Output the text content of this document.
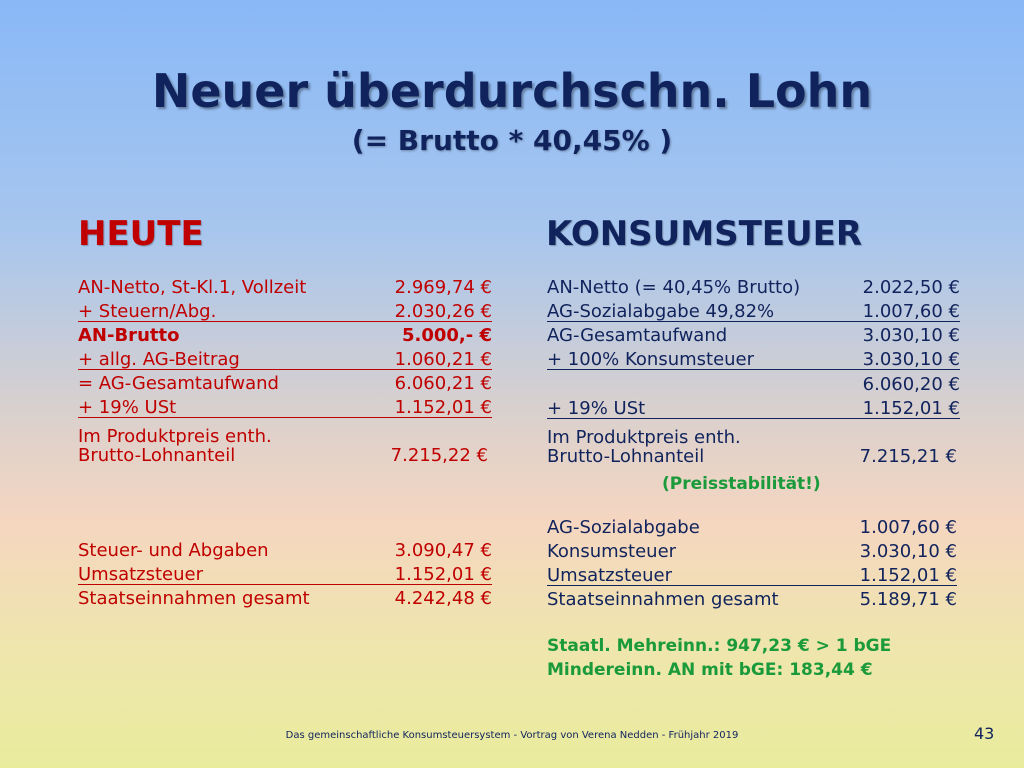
Neuer überdurchschn. Lohn
(= Brutto * 40,45% )
HEUTE
AN-Netto, St-Kl.1, Vollzeit	2.969,74 €
+ Steuern/Abg.	2.030,26 €
AN-Brutto	5.000,- €
+ allg. AG-Beitrag	1.060,21 €
= AG-Gesamtaufwand	6.060,21 €
+ 19% USt	1.152,01 €
Im Produktpreis enth.
Brutto-Lohnanteil	7.215,22 €
Steuer- und Abgaben	3.090,47 €
Umsatzsteuer	1.152,01 €
Staatseinnahmen gesamt	4.242,48 €
KONSUMSTEUER
AN-Netto (= 40,45% Brutto)	2.022,50 €
AG-Sozialabgabe 49,82%	1.007,60 €
AG-Gesamtaufwand	3.030,10 €
+ 100% Konsumsteuer	3.030,10 €
6.060,20 €
+ 19% USt	1.152,01 €
Im Produktpreis enth.
Brutto-Lohnanteil	7.215,21 €
(Preisstabilität!)
AG-Sozialabgabe	1.007,60 €
Konsumsteuer	3.030,10 €
Umsatzsteuer	1.152,01 €
Staatseinnahmen gesamt	5.189,71 €
Staatl. Mehreinn.: 947,23 € > 1 bGE
Mindereinn. AN mit bGE: 183,44 €
Das gemeinschaftliche Konsumsteuersystem - Vortrag von Verena Nedden - Frühjahr 2019	43
